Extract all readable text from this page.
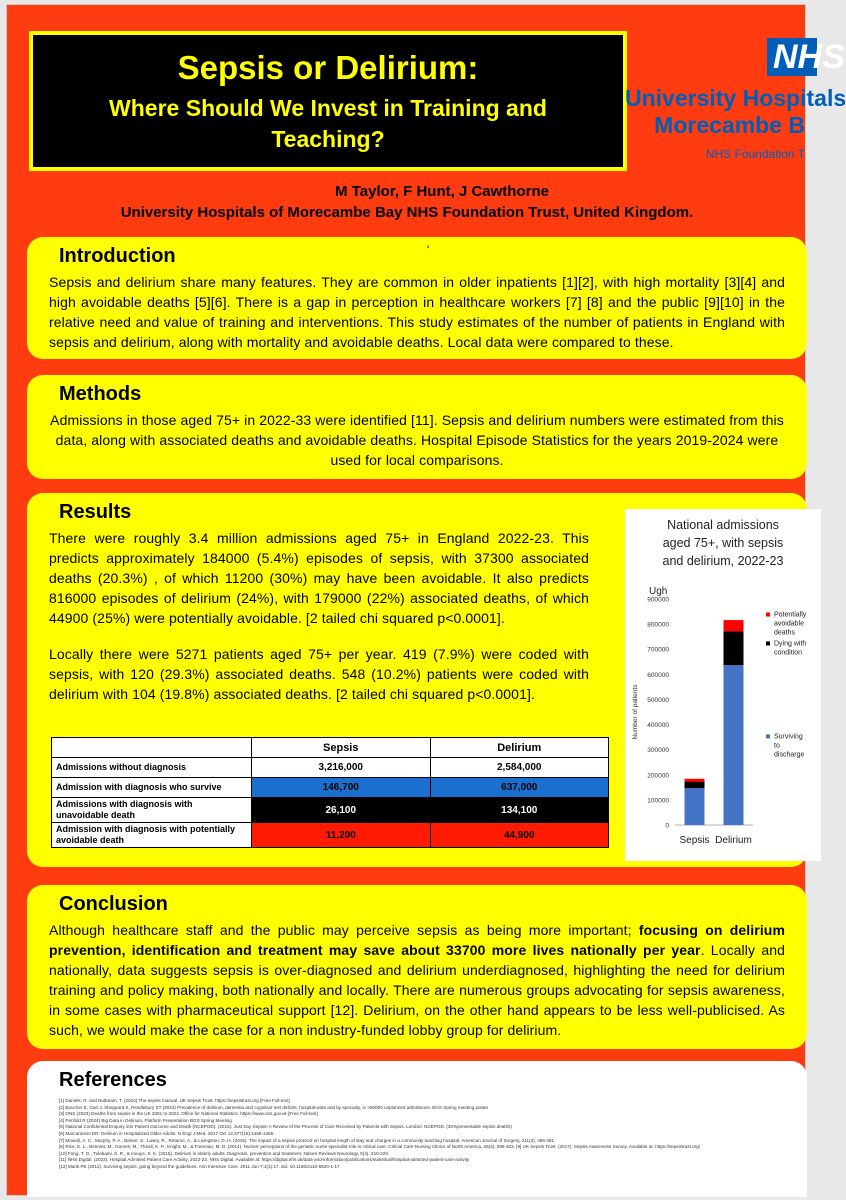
Sepsis or Delirium:
Where Should We Invest in Training and Teaching?
NHS
University Hospitals
Morecambe B
NHS Foundation T
M Taylor, F Hunt, J Cawthorne
University Hospitals of Morecambe Bay NHS Foundation Trust, United Kingdom.
Introduction	'

Sepsis and delirium share many features. They are common in older inpatients [1][2], with high mortality [3][4] and high avoidable deaths [5][6]. There is a gap in perception in healthcare workers [7] [8] and the public [9][10] in the relative need and value of training and interventions. This study estimates of the number of patients in England with sepsis and delirium, along with mortality and avoidable deaths. Local data were compared to these.

Methods

Admissions in those aged 75+ in 2022-33 were identified [11]. Sepsis and delirium numbers were estimated from this data, along with associated deaths and avoidable deaths. Hospital Episode Statistics for the years 2019-2024 were used for local comparisons.

Results

There were roughly 3.4 million admissions aged 75+ in England 2022-23. This predicts approximately 184000 (5.4%) episodes of sepsis, with 37300 associated deaths (20.3%) , of which 11200 (30%) may have been avoidable. It also predicts 816000 episodes of delirium (24%), with 179000 (22%) associated deaths, of which 44900 (25%) were potentially avoidable. [2 tailed chi squared p<0.0001].

Locally there were 5271 patients aged 75+ per year. 419 (7.9%) were coded with sepsis, with 120 (29.3%) associated deaths. 548 (10.2%) patients were coded with delirium with 104 (19.8%) associated deaths. [2 tailed chi squared p<0.0001].

	Sepsis	Delirium
Admissions without diagnosis	3,216,000	2,584,000
Admission with diagnosis who survive	146,700	637,000
Admissions with diagnosis with unavoidable death	26,100	134,100
Admission with diagnosis with potentially avoidable death	11,200	44,900
National admissions
aged 75+, with sepsis
and delirium, 2022-23
Ugh
0
100000
200000
300000
400000
500000
600000
700000
800000
900000
Number of patients
Sepsis Delirium
Potentially
avoidable
deaths
Dying with
condition
Surviving
to
discharge
Conclusion

Although healthcare staff and the public may perceive sepsis as being more important; focusing on delirium prevention, identification and treatment may save about 33700 more lives nationally per year. Locally and nationally, data suggests sepsis is over-diagnosed and delirium underdiagnosed, highlighting the need for delirium training and policy making, both nationally and locally. There are numerous groups advocating for sepsis awareness, in some cases with pharmaceutical support [12]. Delirium, on the other hand appears to be less well-publicised. As such, we would make the case for a non industry-funded lobby group for delirium.

References
[1] Daniels, R. and Nutbeam, T. (2024) The sepsis manual. UK Sepsis Trust. https://sepsistrust.org [Free Full-text]
[2] Boucher E, Gan J, Sheppard S, Pendlebury ST (2024) Prevalence of delirium, dementia and cognitive test deficits, hospital-wide and by specialty, in >50000 unplanned admissions. BGS Spring meeting poster
[3] ONS (2023) Deaths from sepsis in the UK 2001 to 2022. Office for National Statistics. https://www.ons.gov.uk [Free Full-text]
[4] Penfold R (2024) Big Data in Delirium, Platform Presentation BGS Spring Meeting
[5] National Confidential Enquiry into Patient Outcome and Death (NCEPOD). (2015). Just Say Sepsis! A Review of the Process of Care Received by Patients with Sepsis. London: NCEPOD. (30%preventable sepsis deaths)
[6] Marcantonio ER. Delirium in Hospitalized Older Adults. N Engl J Med. 2017 Oct 12;377(15):1456-1466.
[7] Mowafi, A. C., Murphy, P. A., Barker, S., Lawry, R., Retamo, A., & Livingston, D. H. (2016). The impact of a sepsis protocol on hospital length of stay and charges in a community teaching hospital. American Journal of Surgery, 211(3), 486-491.
[8] Rice, E. L., Bennett, M., Gomes, M., Theall, K. P., Knight, M., & Foreman, M. D. (2014). Nurses' perceptions of the geriatric nurse specialist role in critical care. Critical Care Nursing Clinics of North America, 26(3), 395-403. [9] UK Sepsis Trust. (2017). Sepsis Awareness Survey. Available at: https://sepsistrust.org/
[10] Fong, T. G., Tulebaev, S. R., & Inouye, S. K. (2015). Delirium in elderly adults: Diagnosis, prevention and treatment. Nature Reviews Neurology, 5(4), 210-220.
[11] NHS Digital. (2023). Hospital Admitted Patient Care Activity, 2022-23. NHS Digital. Available at: https://digital.nhs.uk/data-and-information/publications/statistical/hospital-admitted-patient-care-activity
[12] Marik PE (2011). Surviving sepsis: going beyond the guidelines. Ann Intensive Care. 2011 Jun 7;1(1):17. doi: 10.1186/2110-5820-1-17
